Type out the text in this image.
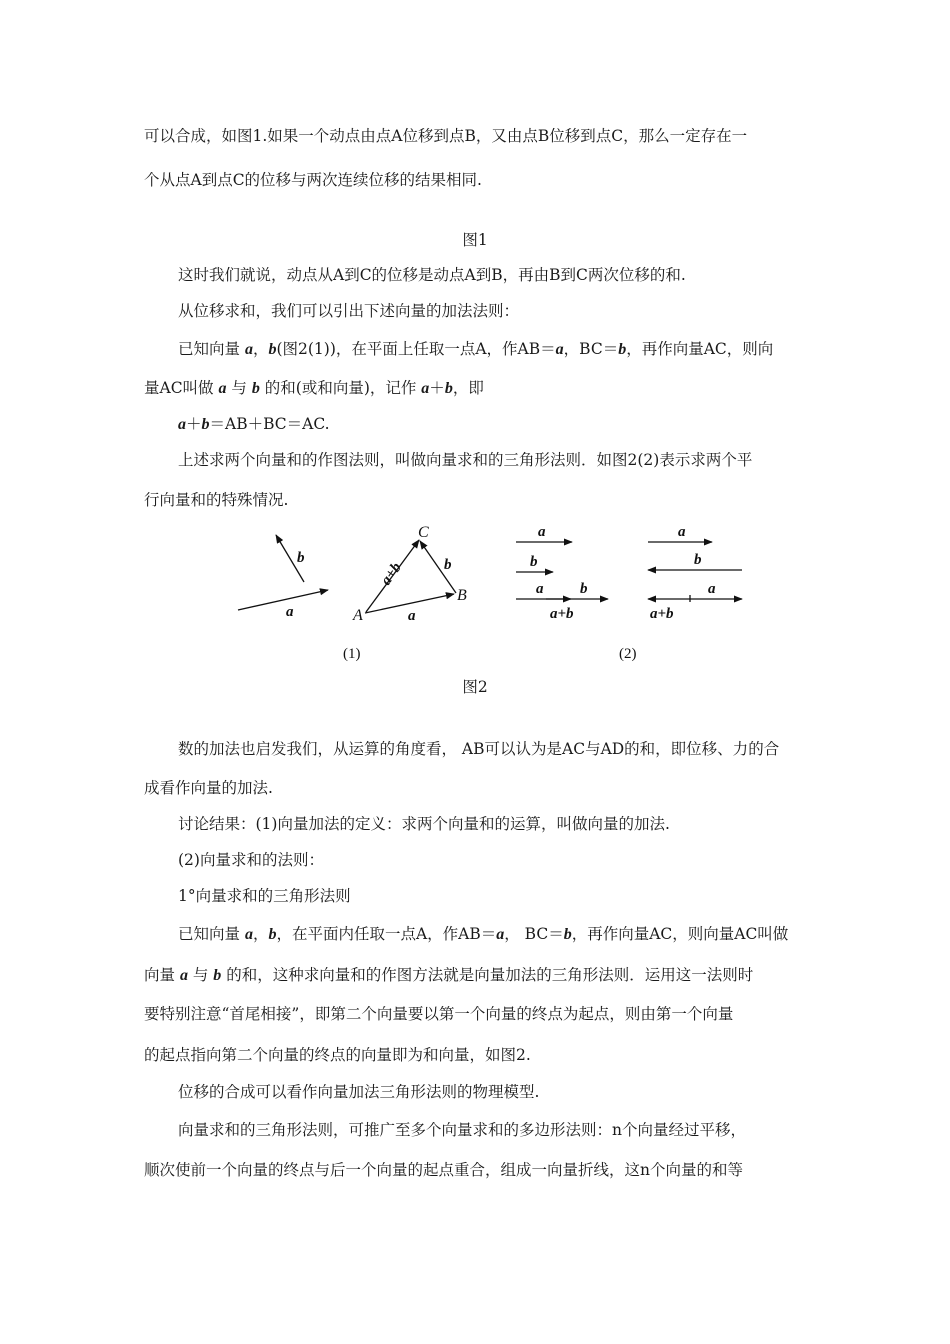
可以合成，如图1.如果一个动点由点A位移到点B，又由点B位移到点C，那么一定存在一
个从点A到点C的位移与两次连续位移的结果相同.
图1
这时我们就说，动点从A到C的位移是动点A到B，再由B到C两次位移的和.
从位移求和，我们可以引出下述向量的加法法则：
已知向量 a，b(图2(1))，在平面上任取一点A，作AB＝a，BC＝b，再作向量AC，则向
量AC叫做 a 与 b 的和(或和向量)，记作 a＋b，即
a＋b＝AB＋BC＝AC.
上述求两个向量和的作图法则，叫做向量求和的三角形法则．如图2(2)表示求两个平
行向量和的特殊情况.
b
a
b
a
a+b
a
b
a b
a+b
a
b
a
a+b
A
B
C
(1)	(2)
图2
数的加法也启发我们，从运算的角度看， AB可以认为是AC与AD的和，即位移、力的合
成看作向量的加法.
讨论结果：(1)向量加法的定义：求两个向量和的运算，叫做向量的加法.
(2)向量求和的法则：
1°向量求和的三角形法则
已知向量 a，b，在平面内任取一点A，作AB＝a， BC＝b，再作向量AC，则向量AC叫做
向量 a 与 b 的和，这种求向量和的作图方法就是向量加法的三角形法则．运用这一法则时
要特别注意“首尾相接”，即第二个向量要以第一个向量的终点为起点，则由第一个向量
的起点指向第二个向量的终点的向量即为和向量，如图2.
位移的合成可以看作向量加法三角形法则的物理模型.
向量求和的三角形法则，可推广至多个向量求和的多边形法则：n个向量经过平移，
顺次使前一个向量的终点与后一个向量的起点重合，组成一向量折线，这n个向量的和等
